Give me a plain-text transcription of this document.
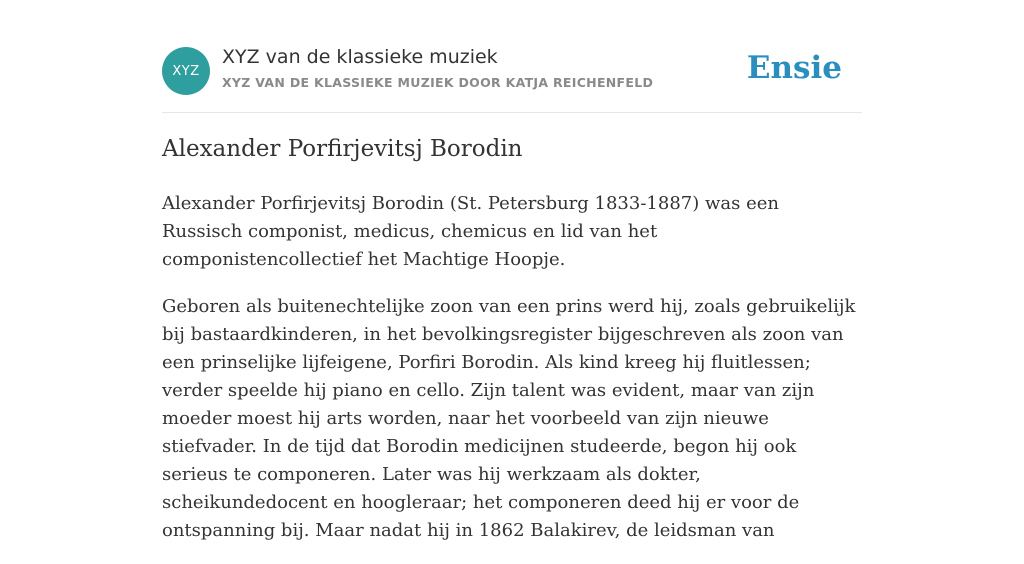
XYZ
XYZ van de klassieke muziek
XYZ VAN DE KLASSIEKE MUZIEK DOOR KATJA REICHENFELD	Ensie
Alexander Porfirjevitsj Borodin

Alexander Porfirjevitsj Borodin (St. Petersburg 1833-1887) was een Russisch componist, medicus, chemicus en lid van het componistencollectief het Machtige Hoopje.

Geboren als buitenechtelijke zoon van een prins werd hij, zoals gebruikelijk bij bastaardkinderen, in het bevolkingsregister bijgeschreven als zoon van een prinselijke lijfeigene, Porfiri Borodin. Als kind kreeg hij fluitlessen; verder speelde hij piano en cello. Zijn talent was evident, maar van zijn moeder moest hij arts worden, naar het voorbeeld van zijn nieuwe stiefvader. In de tijd dat Borodin medicijnen studeerde, begon hij ook serieus te componeren. Later was hij werkzaam als dokter, scheikundedocent en hoogleraar; het componeren deed hij er voor de ontspanning bij. Maar nadat hij in 1862 Balakirev, de leidsman van
